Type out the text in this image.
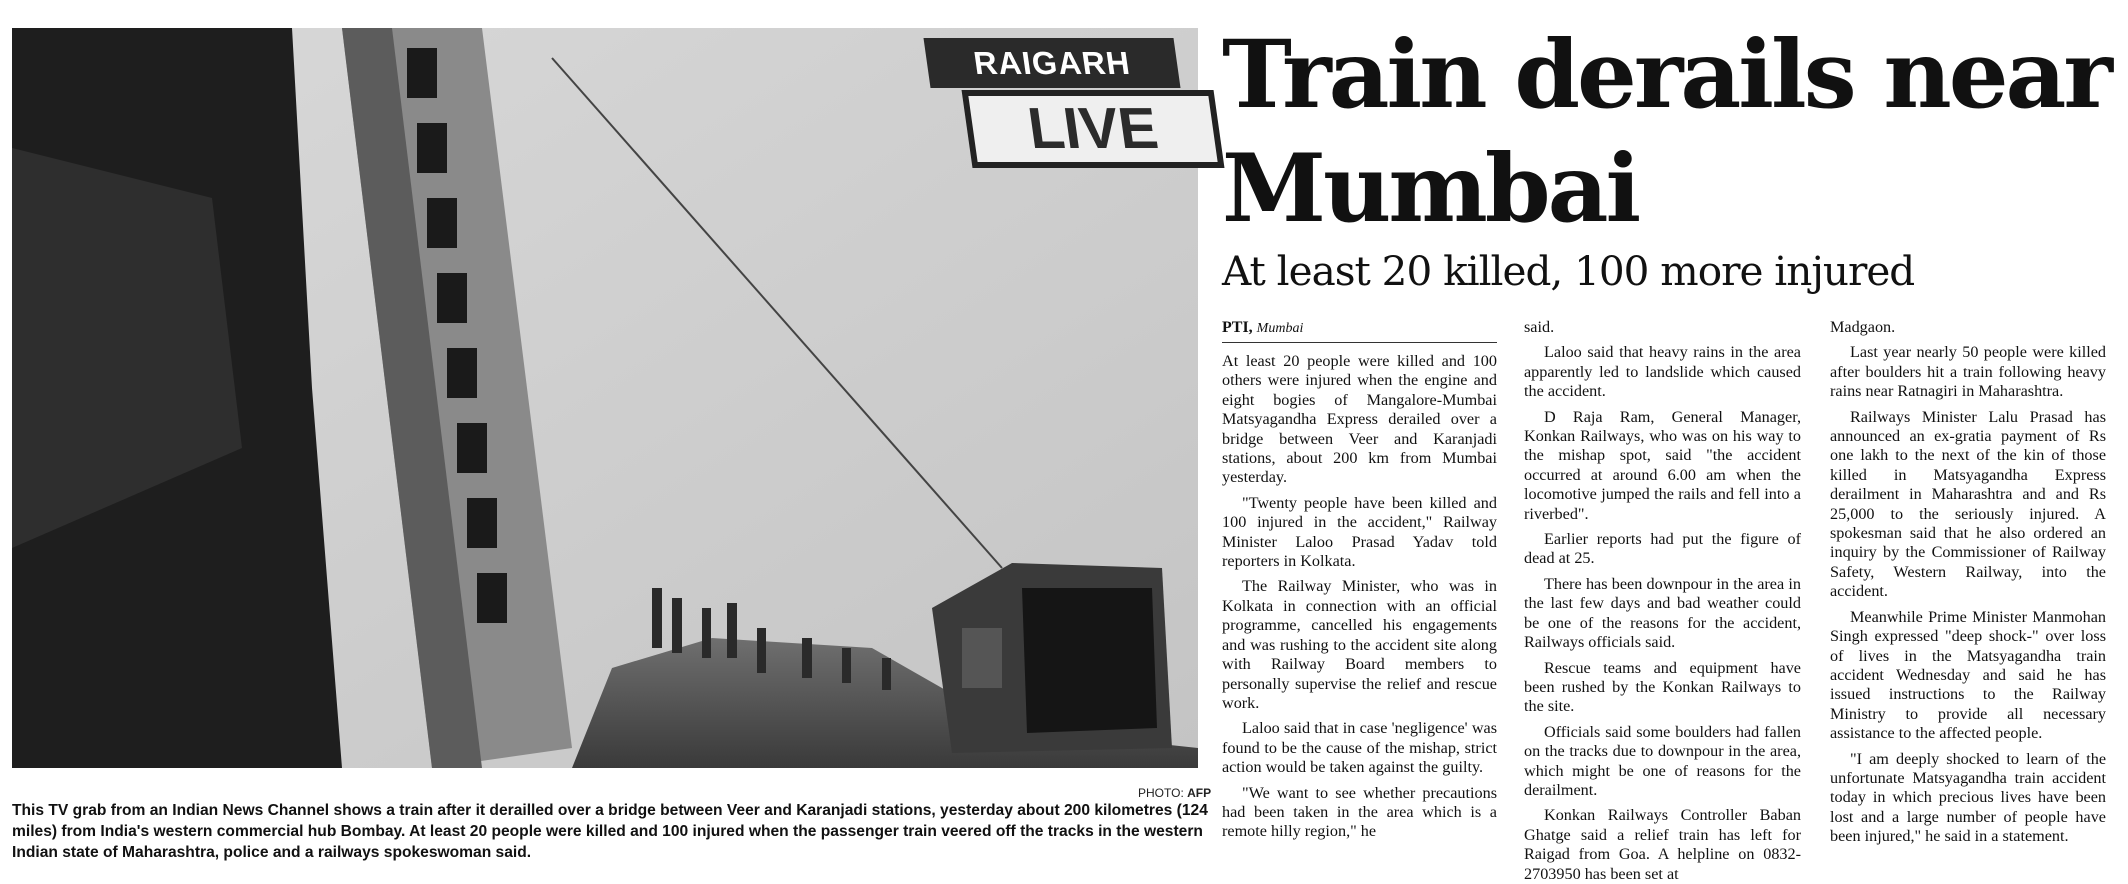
RAIGARH
LIVE
PHOTO: AFP
This TV grab from an Indian News Channel shows a train after it derailled over a bridge between Veer and Karanjadi stations, yesterday about 200 kilometres (124 miles) from India's western commercial hub Bombay. At least 20 people were killed and 100 injured when the passenger train veered off the tracks in the western Indian state of Maharashtra, police and a railways spokeswoman said.
Train derails near Mumbai
At least 20 killed, 100 more injured
PTI, Mumbai

At least 20 people were killed and 100 others were injured when the engine and eight bogies of Mangalore-Mumbai Matsyagandha Express derailed over a bridge between Veer and Karanjadi stations, about 200 km from Mumbai yesterday.

"Twenty people have been killed and 100 injured in the accident," Railway Minister Laloo Prasad Yadav told reporters in Kolkata.

The Railway Minister, who was in Kolkata in connection with an official programme, cancelled his engagements and was rushing to the accident site along with Railway Board members to personally supervise the relief and rescue work.

Laloo said that in case 'negligence' was found to be the cause of the mishap, strict action would be taken against the guilty.

"We want to see whether precautions had been taken in the area which is a remote hilly region," he

said.

Laloo said that heavy rains in the area apparently led to landslide which caused the accident.

D Raja Ram, General Manager, Konkan Railways, who was on his way to the mishap spot, said "the accident occurred at around 6.00 am when the locomotive jumped the rails and fell into a riverbed".

Earlier reports had put the figure of dead at 25.

There has been downpour in the area in the last few days and bad weather could be one of the reasons for the accident, Railways officials said.

Rescue teams and equipment have been rushed by the Konkan Railways to the site.

Officials said some boulders had fallen on the tracks due to downpour in the area, which might be one of reasons for the derailment.

Konkan Railways Controller Baban Ghatge said a relief train has left for Raigad from Goa. A helpline on 0832-2703950 has been set at

Madgaon.

Last year nearly 50 people were killed after boulders hit a train following heavy rains near Ratnagiri in Maharashtra.

Railways Minister Lalu Prasad has announced an ex-gratia payment of Rs one lakh to the next of the kin of those killed in Matsyagandha Express derailment in Maharashtra and and Rs 25,000 to the seriously injured. A spokesman said that he also ordered an inquiry by the Commissioner of Railway Safety, Western Railway, into the accident.

Meanwhile Prime Minister Manmohan Singh expressed "deep shock-" over loss of lives in the Matsyagandha train accident Wednesday and said he has issued instructions to the Railway Ministry to provide all necessary assistance to the affected people.

"I am deeply shocked to learn of the unfortunate Matsyagandha train accident today in which precious lives have been lost and a large number of people have been injured," he said in a statement.
